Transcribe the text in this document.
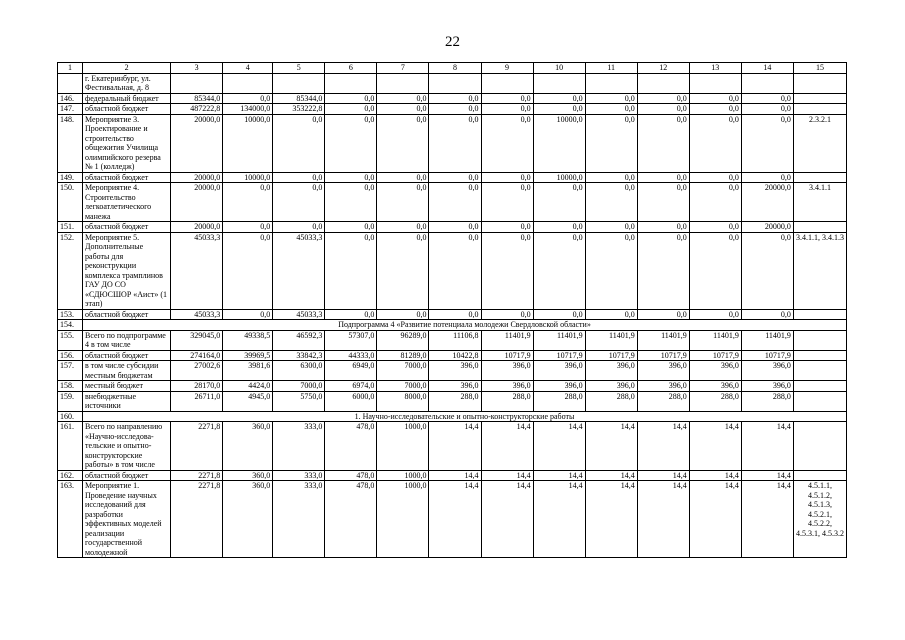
22
1	2	3	4	5	6	7	8	9	10	11	12	13	14	15
	г. Екатеринбург, ул. Фестивальная, д. 8													
146.	федеральный бюджет	85344,0	0,0	85344,0	0,0	0,0	0,0	0,0	0,0	0,0	0,0	0,0	0,0	
147.	областной бюджет	487222,8	134000,0	353222,8	0,0	0,0	0,0	0,0	0,0	0,0	0,0	0,0	0,0	
148.	Мероприятие 3. Проектирование и строительство общежития Училища олимпийского резерва № 1 (колледж)	20000,0	10000,0	0,0	0,0	0,0	0,0	0,0	10000,0	0,0	0,0	0,0	0,0	2.3.2.1
149.	областной бюджет	20000,0	10000,0	0,0	0,0	0,0	0,0	0,0	10000,0	0,0	0,0	0,0	0,0	
150.	Мероприятие 4. Строительство легкоатлетического манежа	20000,0	0,0	0,0	0,0	0,0	0,0	0,0	0,0	0,0	0,0	0,0	20000,0	3.4.1.1
151.	областной бюджет	20000,0	0,0	0,0	0,0	0,0	0,0	0,0	0,0	0,0	0,0	0,0	20000,0	
152.	Мероприятие 5. Дополнительные работы для реконструкции комплекса трамплинов ГАУ ДО СО «СДЮСШОР «Аист» (1 этап)	45033,3	0,0	45033,3	0,0	0,0	0,0	0,0	0,0	0,0	0,0	0,0	0,0	3.4.1.1, 3.4.1.3
153.	областной бюджет	45033,3	0,0	45033,3	0,0	0,0	0,0	0,0	0,0	0,0	0,0	0,0	0,0	
154.	Подпрограмма 4 «Развитие потенциала молодежи Свердловской области»													
155.	Всего по подпрограмме 4 в том числе	329045,0	49338,5	46592,3	57307,0	96289,0	11106,8	11401,9	11401,9	11401,9	11401,9	11401,9	11401,9	
156.	областной бюджет	274164,0	39969,5	33842,3	44333,0	81289,0	10422,8	10717,9	10717,9	10717,9	10717,9	10717,9	10717,9	
157.	в том числе субсидии местным бюджетам	27002,6	3981,6	6300,0	6949,0	7000,0	396,0	396,0	396,0	396,0	396,0	396,0	396,0	
158.	местный бюджет	28170,0	4424,0	7000,0	6974,0	7000,0	396,0	396,0	396,0	396,0	396,0	396,0	396,0	
159.	внебюджетные источники	26711,0	4945,0	5750,0	6000,0	8000,0	288,0	288,0	288,0	288,0	288,0	288,0	288,0	
160.	1. Научно-исследовательские и опытно-конструкторские работы													
161.	Всего по направлению «Научно-исследова-тельские и опытно-конструкторские работы» в том числе	2271,8	360,0	333,0	478,0	1000,0	14,4	14,4	14,4	14,4	14,4	14,4	14,4	
162.	областной бюджет	2271,8	360,0	333,0	478,0	1000,0	14,4	14,4	14,4	14,4	14,4	14,4	14,4	
163.	Мероприятие 1. Проведение научных исследований для разработки эффективных моделей реализации государственной молодежной	2271,8	360,0	333,0	478,0	1000,0	14,4	14,4	14,4	14,4	14,4	14,4	14,4	4.5.1.1, 4.5.1.2, 4.5.1.3, 4.5.2.1, 4.5.2.2, 4.5.3.1, 4.5.3.2
